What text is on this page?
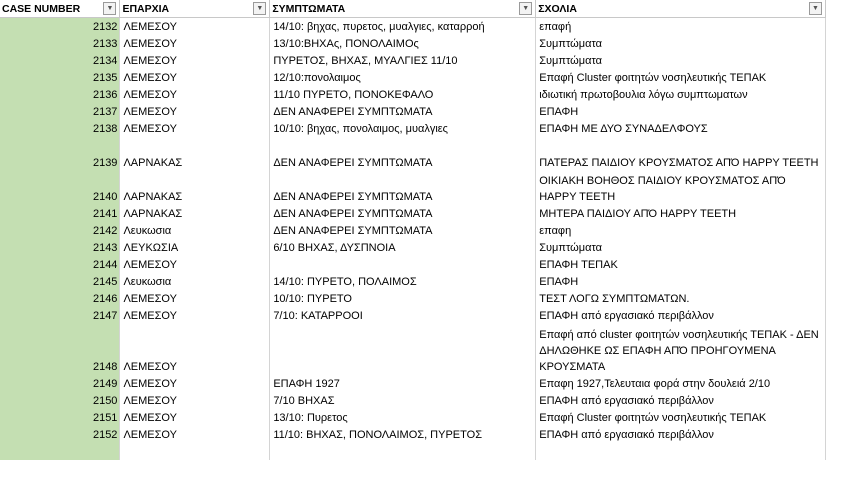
CASE NUMBER ▼	ΕΠΑΡΧΙΑ ▼	ΣΥΜΠΤΩΜΑΤΑ ▼	ΣΧΟΛΙΑ ▼

2132	ΛΕΜΕΣΟΥ	14/10: βηχας, πυρετος, μυαλγιες, καταρροή	επαφή
2133	ΛΕΜΕΣΟΥ	13/10:ΒΗΧΑς, ΠΟΝΟΛΑΙΜΟς	Συμπτώματα
2134	ΛΕΜΕΣΟΥ	ΠΥΡΕΤΟΣ, ΒΗΧΑΣ, ΜΥΑΛΓΙΕΣ 11/10	Συμπτώματα
2135	ΛΕΜΕΣΟΥ	12/10:πονολαιμος	Επαφή Cluster φοιτητών νοσηλευτικής ΤΕΠΑΚ
2136	ΛΕΜΕΣΟΥ	11/10 ΠΥΡΕΤΟ, ΠΟΝΟΚΕΦΑΛΟ	ιδιωτική πρωτοβουλια λόγω συμπτωματων
2137	ΛΕΜΕΣΟΥ	ΔΕΝ ΑΝΑΦΕΡΕΙ ΣΥΜΠΤΩΜΑΤΑ	ΕΠΑΦΗ
2138	ΛΕΜΕΣΟΥ	10/10: βηχας, πονολαιμος, μυαλγιες	ΕΠΑΦΗ ΜΕ ΔΥΟ ΣΥΝΑΔΕΛΦΟΥΣ
2139	ΛΑΡΝΑΚΑΣ	ΔΕΝ ΑΝΑΦΕΡΕΙ ΣΥΜΠΤΩΜΑΤΑ	ΠΑΤΕΡΑΣ ΠΑΙΔΙΟΥ ΚΡΟΥΣΜΑΤΟΣ ΑΠΌ HAPPY TEETH
2140	ΛΑΡΝΑΚΑΣ	ΔΕΝ ΑΝΑΦΕΡΕΙ ΣΥΜΠΤΩΜΑΤΑ	ΟΙΚΙΑΚΗ ΒΟΗΘΟΣ ΠΑΙΔΙΟΥ ΚΡΟΥΣΜΑΤΟΣ ΑΠΌ HAPPY TEETH
2141	ΛΑΡΝΑΚΑΣ	ΔΕΝ ΑΝΑΦΕΡΕΙ ΣΥΜΠΤΩΜΑΤΑ	ΜΗΤΕΡΑ ΠΑΙΔΙΟΥ ΑΠΌ HAPPY TEETH
2142	Λευκωσια	ΔΕΝ ΑΝΑΦΕΡΕΙ ΣΥΜΠΤΩΜΑΤΑ	επαφη
2143	ΛΕΥΚΩΣΙΑ	6/10 ΒΗΧΑΣ, ΔΥΣΠΝΟΙΑ	Συμπτώματα
2144	ΛΕΜΕΣΟΥ		ΕΠΑΦΗ ΤΕΠΑΚ
2145	Λευκωσια	14/10: ΠΥΡΕΤΟ, ΠΟΛΑΙΜΟΣ	ΕΠΑΦΗ
2146	ΛΕΜΕΣΟΥ	10/10: ΠΥΡΕΤΟ	ΤΕΣΤ ΛΟΓΩ ΣΥΜΠΤΩΜΑΤΩΝ.
2147	ΛΕΜΕΣΟΥ	7/10: ΚΑΤΑΡΡΟΟΙ	ΕΠΑΦΗ από εργασιακό περιβάλλον
2148	ΛΕΜΕΣΟΥ		Επαφή από cluster φοιτητών νοσηλευτικής ΤΕΠΑΚ - ΔΕΝ ΔΗΛΩΘΗΚΕ ΩΣ ΕΠΑΦΗ ΑΠΌ ΠΡΟΗΓΟΥΜΕΝΑ ΚΡΟΥΣΜΑΤΑ
2149	ΛΕΜΕΣΟΥ	ΕΠΑΦΗ 1927	Επαφη 1927,Τελευταια φορά στην δουλειά 2/10
2150	ΛΕΜΕΣΟΥ	7/10 ΒΗΧΑΣ	ΕΠΑΦΗ από εργασιακό περιβάλλον
2151	ΛΕΜΕΣΟΥ	13/10: Πυρετος	Επαφή Cluster φοιτητών νοσηλευτικής ΤΕΠΑΚ
2152	ΛΕΜΕΣΟΥ	11/10: ΒΗΧΑΣ, ΠΟΝΟΛΑΙΜΟΣ, ΠΥΡΕΤΟΣ	ΕΠΑΦΗ από εργασιακό περιβάλλον
